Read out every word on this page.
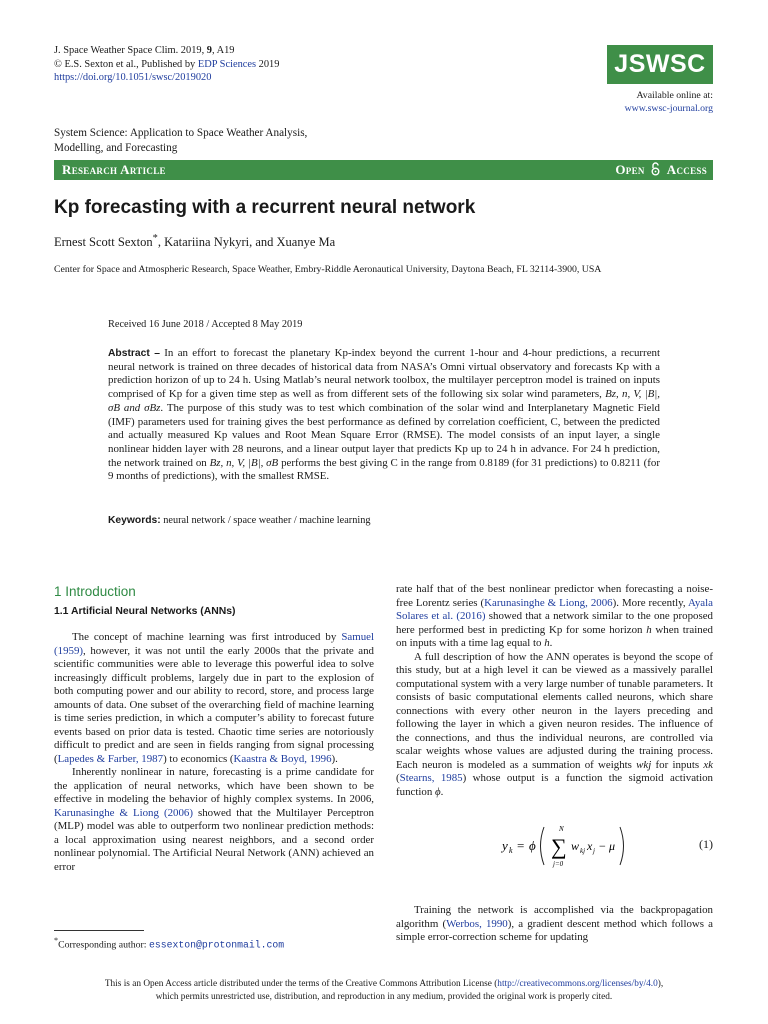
J. Space Weather Space Clim. 2019, 9, A19
© E.S. Sexton et al., Published by EDP Sciences 2019
https://doi.org/10.1051/swsc/2019020	JSWSC
Available online at:
www.swsc-journal.org
System Science: Application to Space Weather Analysis,
Modelling, and Forecasting
Research Article	Open Access
Kp forecasting with a recurrent neural network
Ernest Scott Sexton*, Katariina Nykyri, and Xuanye Ma
Center for Space and Atmospheric Research, Space Weather, Embry-Riddle Aeronautical University, Daytona Beach, FL 32114-3900, USA
Received 16 June 2018 / Accepted 8 May 2019
Abstract – In an effort to forecast the planetary Kp-index beyond the current 1-hour and 4-hour predictions, a recurrent neural network is trained on three decades of historical data from NASA’s Omni virtual observatory and forecasts Kp with a prediction horizon of up to 24 h. Using Matlab’s neural network toolbox, the multilayer perceptron model is trained on inputs comprised of Kp for a given time step as well as from different sets of the following six solar wind parameters, Bz, n, V, |B|, σB and σBz. The purpose of this study was to test which combination of the solar wind and Interplanetary Magnetic Field (IMF) parameters used for training gives the best performance as defined by correlation coefficient, C, between the predicted and actually measured Kp values and Root Mean Square Error (RMSE). The model consists of an input layer, a single nonlinear hidden layer with 28 neurons, and a linear output layer that predicts Kp up to 24 h in advance. For 24 h prediction, the network trained on Bz, n, V, |B|, σB performs the best giving C in the range from 0.8189 (for 31 predictions) to 0.8211 (for 9 months of predictions), with the smallest RMSE.
Keywords: neural network / space weather / machine learning
1 Introduction
1.1 Artificial Neural Networks (ANNs)

The concept of machine learning was first introduced by Samuel (1959), however, it was not until the early 2000s that the private and scientific communities were able to leverage this powerful idea to solve increasingly difficult problems, largely due in part to the explosion of both computing power and our ability to record, store, and process large amounts of data. One subset of the overarching field of machine learning is time series prediction, in which a computer’s ability to forecast future events based on prior data is tested. Chaotic time series are notoriously difficult to predict and are seen in fields ranging from signal processing (Lapedes & Farber, 1987) to economics (Kaastra & Boyd, 1996).

Inherently nonlinear in nature, forecasting is a prime candidate for the application of neural networks, which have been shown to be effective in modeling the behavior of highly complex systems. In 2006, Karunasinghe & Liong (2006) showed that the Multilayer Perceptron (MLP) model was able to outperform two nonlinear prediction methods: a local approximation using nearest neighbors, and a second order nonlinear polynomial. The Artificial Neural Network (ANN) achieved an error

rate half that of the best nonlinear predictor when forecasting a noise-free Lorentz series (Karunasinghe & Liong, 2006). More recently, Ayala Solares et al. (2016) showed that a network similar to the one proposed here performed best in predicting Kp for some horizon h when trained on inputs with a time lag equal to h.

A full description of how the ANN operates is beyond the scope of this study, but at a high level it can be viewed as a massively parallel computational system with a very large number of tunable parameters. It consists of basic computational elements called neurons, which share connections with every other neuron in the layers preceding and following the layer in which a given neuron resides. The influence of the connections, and thus the individual neurons, are controlled via scalar weights whose values are adjusted during the training process. Each neuron is modeled as a summation of weights wkj for inputs xk (Stearns, 1985) whose output is a function the sigmoid activation function ϕ.

y k = ϕ
N
∑
j=0
w kj x j − μ	(1)

Training the network is accomplished via the backpropagation algorithm (Werbos, 1990), a gradient descent method which follows a simple error-correction scheme for updating

*Corresponding author: essexton@protonmail.com
This is an Open Access article distributed under the terms of the Creative Commons Attribution License (http://creativecommons.org/licenses/by/4.0),
which permits unrestricted use, distribution, and reproduction in any medium, provided the original work is properly cited.
